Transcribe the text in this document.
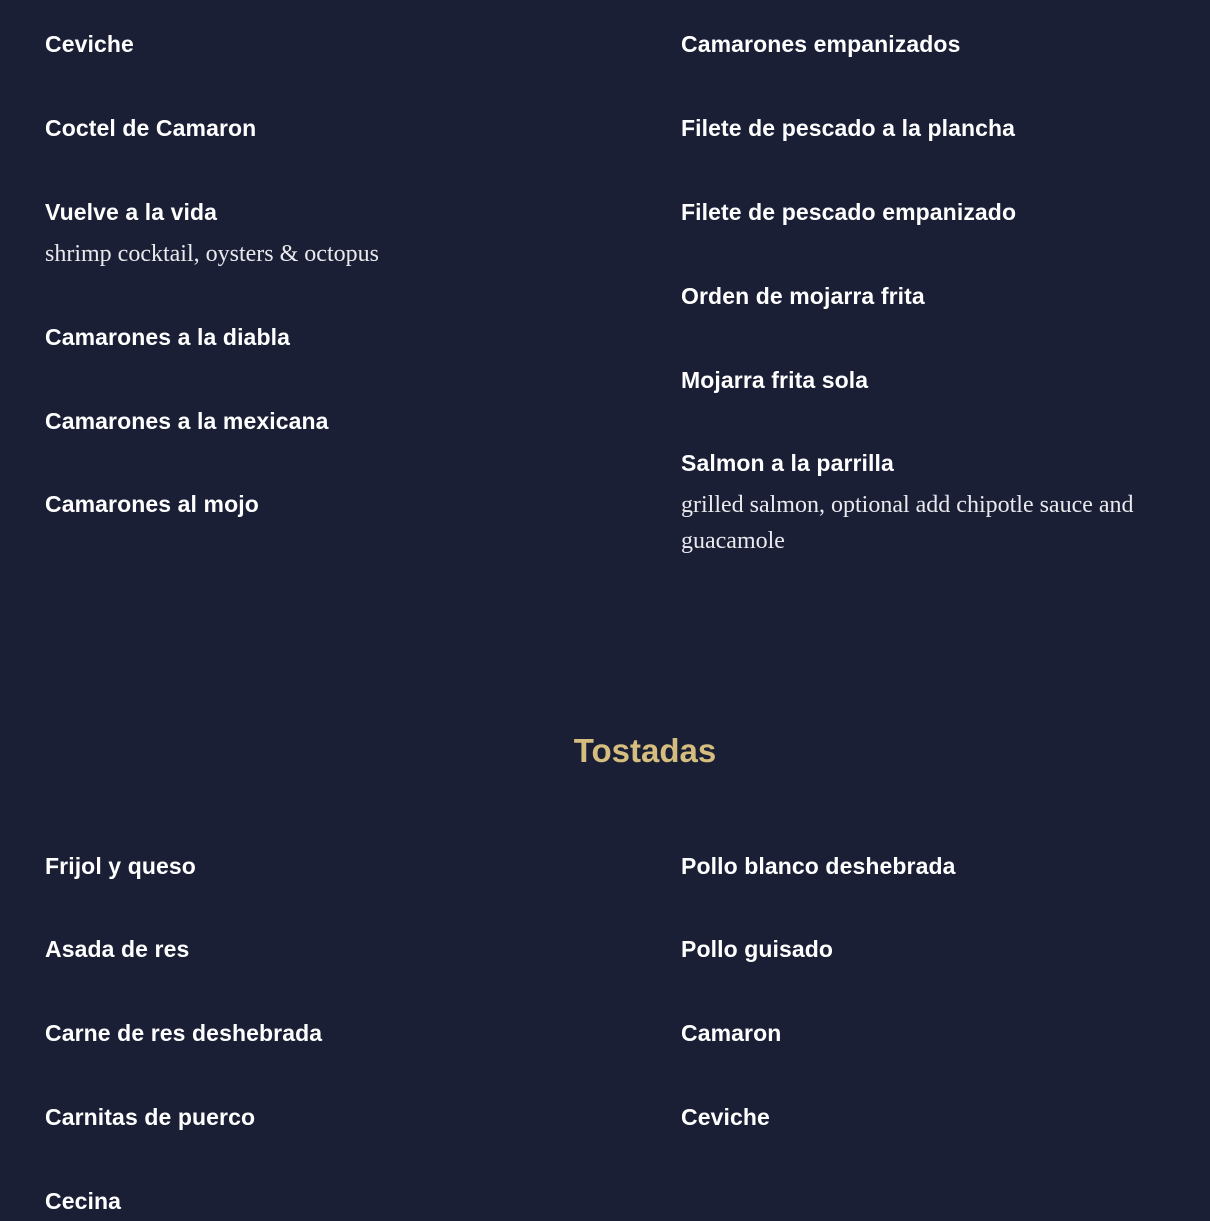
Ceviche
Coctel de Camaron
Vuelve a la vida
shrimp cocktail, oysters & octopus
Camarones a la diabla
Camarones a la mexicana
Camarones al mojo
Camarones empanizados
Filete de pescado a la plancha
Filete de pescado empanizado
Orden de mojarra frita
Mojarra frita sola
Salmon a la parrilla
grilled salmon, optional add chipotle sauce and guacamole
Tostadas
Frijol y queso
Asada de res
Carne de res deshebrada
Carnitas de puerco
Cecina
Pollo blanco deshebrada
Pollo guisado
Camaron
Ceviche
